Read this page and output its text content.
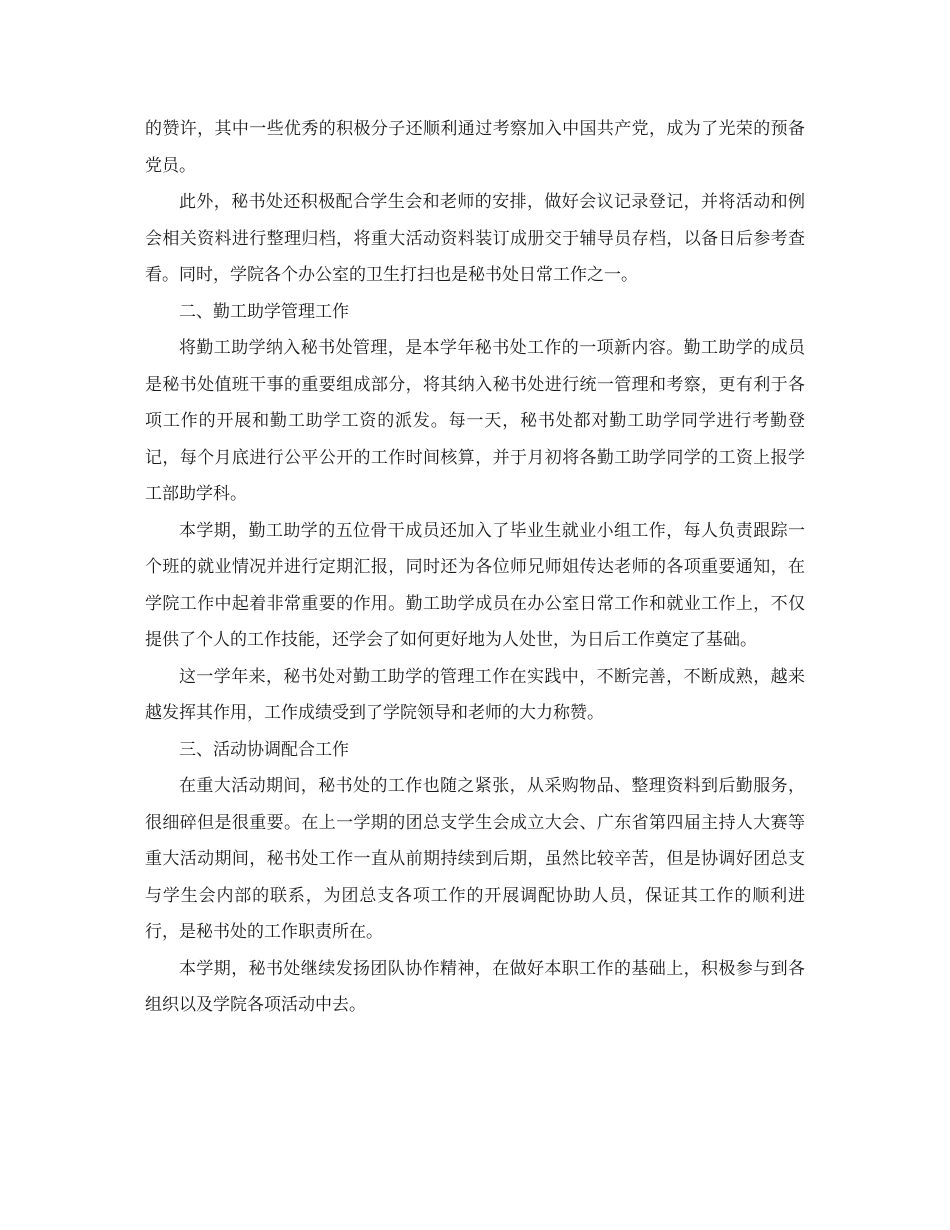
的赞许，其中一些优秀的积极分子还顺利通过考察加入中国共产党，成为了光荣的预备党员。

此外，秘书处还积极配合学生会和老师的安排，做好会议记录登记，并将活动和例会相关资料进行整理归档，将重大活动资料装订成册交于辅导员存档，以备日后参考查看。同时，学院各个办公室的卫生打扫也是秘书处日常工作之一。

二、勤工助学管理工作

将勤工助学纳入秘书处管理，是本学年秘书处工作的一项新内容。勤工助学的成员是秘书处值班干事的重要组成部分，将其纳入秘书处进行统一管理和考察，更有利于各项工作的开展和勤工助学工资的派发。每一天，秘书处都对勤工助学同学进行考勤登记，每个月底进行公平公开的工作时间核算，并于月初将各勤工助学同学的工资上报学工部助学科。

本学期，勤工助学的五位骨干成员还加入了毕业生就业小组工作，每人负责跟踪一个班的就业情况并进行定期汇报，同时还为各位师兄师姐传达老师的各项重要通知，在学院工作中起着非常重要的作用。勤工助学成员在办公室日常工作和就业工作上，不仅提供了个人的工作技能，还学会了如何更好地为人处世，为日后工作奠定了基础。

这一学年来，秘书处对勤工助学的管理工作在实践中，不断完善，不断成熟，越来越发挥其作用，工作成绩受到了学院领导和老师的大力称赞。

三、活动协调配合工作

在重大活动期间，秘书处的工作也随之紧张，从采购物品、整理资料到后勤服务，很细碎但是很重要。在上一学期的团总支学生会成立大会、广东省第四届主持人大赛等重大活动期间，秘书处工作一直从前期持续到后期，虽然比较辛苦，但是协调好团总支与学生会内部的联系，为团总支各项工作的开展调配协助人员，保证其工作的顺利进行，是秘书处的工作职责所在。

本学期，秘书处继续发扬团队协作精神，在做好本职工作的基础上，积极参与到各组织以及学院各项活动中去。
